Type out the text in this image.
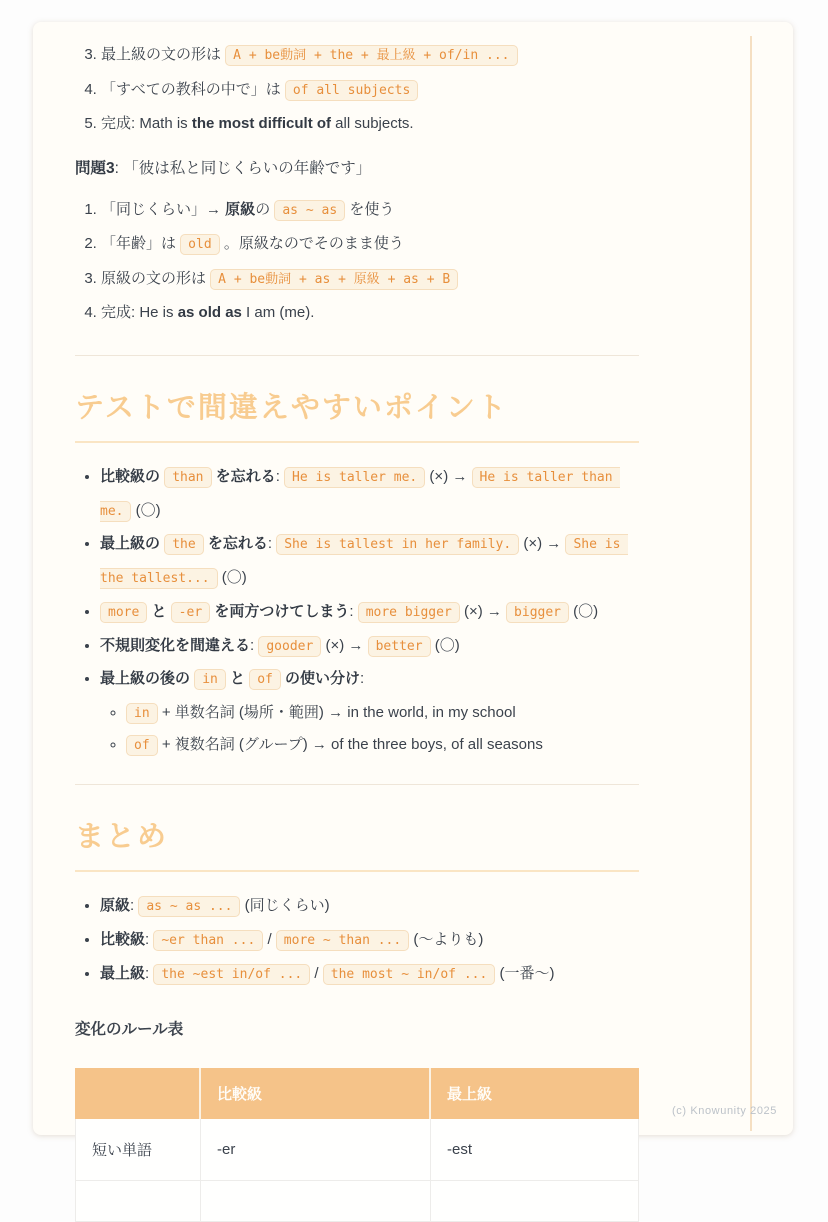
3. 最上級の文の形は A + be動詞 + the + 最上級 + of/in ...
4. 「すべての教科の中で」は of all subjects
5. 完成: Math is the most difficult of all subjects.

問題3: 「彼は私と同じくらいの年齢です」

1. 「同じくらい」→ 原級の as ~ as を使う
2. 「年齢」は old 。原級なのでそのまま使う
3. 原級の文の形は A + be動詞 + as + 原級 + as + B
4. 完成: He is as old as I am (me).
テストで間違えやすいポイント
• 比較級の than を忘れる: He is taller me. (×) → He is taller than me. (〇)
• 最上級の the を忘れる: She is tallest in her family. (×) → She is the tallest... (〇)
• more と -er を両方つけてしまう: more bigger (×) → bigger (〇)
• 不規則変化を間違える: gooder (×) → better (〇)
• 最上級の後の in と of の使い分け:
◦ in + 単数名詞 (場所・範囲) → in the world, in my school
◦ of + 複数名詞 (グループ) → of the three boys, of all seasons
まとめ
• 原級: as ~ as ... (同じくらい)
• 比較級: ~er than ... / more ~ than ... (〜よりも)
• 最上級: the ~est in/of ... / the most ~ in/of ... (一番〜)

変化のルール表

	比較級	最上級
短い単語	-er	-est

(c) Knowunity 2025
